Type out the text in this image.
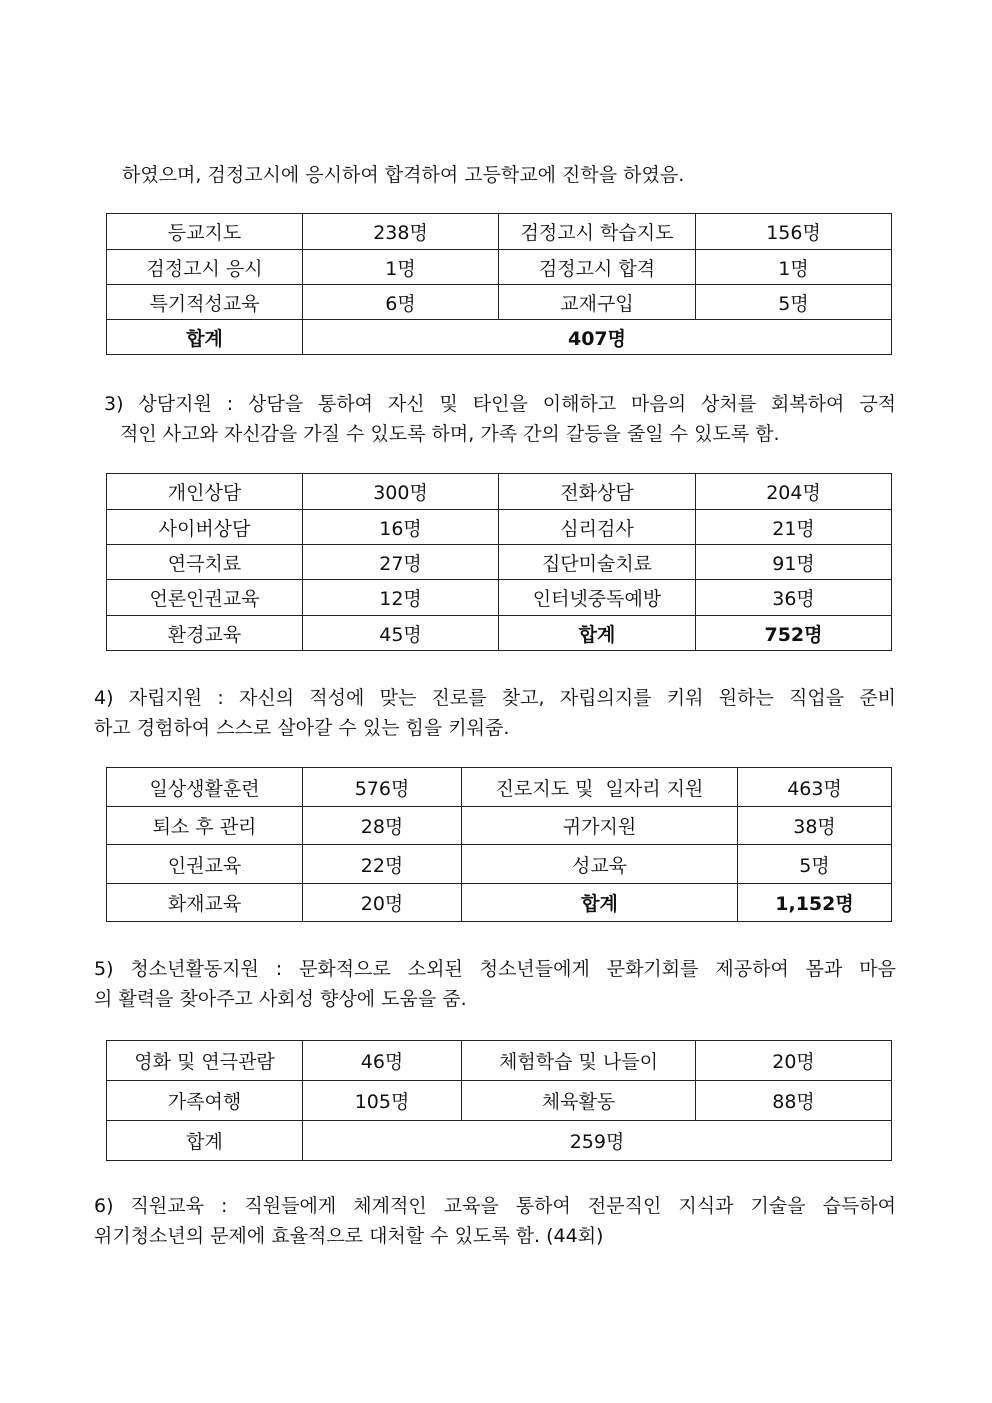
하였으며, 검정고시에 응시하여 합격하여 고등학교에 진학을 하였음.
등교지도	238명	검정고시 학습지도	156명
검정고시 응시	1명	검정고시 합격	1명
특기적성교육	6명	교재구입	5명
합계	407명		
3) 상담지원 : 상담을 통하여 자신 및 타인을 이해하고 마음의 상처를 회복하여 긍적
적인 사고와 자신감을 가질 수 있도록 하며, 가족 간의 갈등을 줄일 수 있도록 함.
개인상담	300명	전화상담	204명
사이버상담	16명	심리검사	21명
연극치료	27명	집단미술치료	91명
언론인권교육	12명	인터넷중독예방	36명
환경교육	45명	합계	752명
4) 자립지원 : 자신의 적성에 맞는 진로를 찾고, 자립의지를 키워 원하는 직업을 준비
하고 경험하여 스스로 살아갈 수 있는 힘을 키워줌.
일상생활훈련	576명	진로지도 및  일자리 지원	463명
퇴소 후 관리	28명	귀가지원	38명
인권교육	22명	성교육	5명
화재교육	20명	합계	1,152명
5) 청소년활동지원 : 문화적으로 소외된 청소년들에게 문화기회를 제공하여 몸과 마음
의 활력을 찾아주고 사회성 향상에 도움을 줌.
영화 및 연극관람	46명	체험학습 및 나들이	20명
가족여행	105명	체육활동	88명
합계	259명		
6) 직원교육 : 직원들에게 체계적인 교육을 통하여 전문직인 지식과 기술을 습득하여
위기청소년의 문제에 효율적으로 대처할 수 있도록 함. (44회)
